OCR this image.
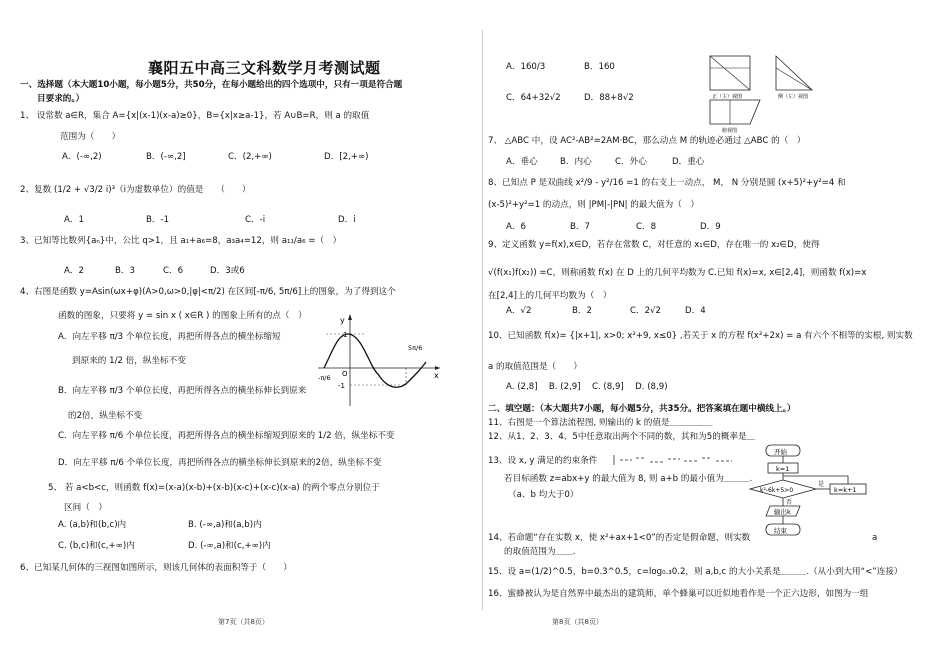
襄阳五中高三文科数学月考测试题
一、选择题（本大题10小题，每小题5分，共50分，在每小题给出的四个选项中，只有一项是符合题
目要求的。）
1、 设常数 a∈R，集合 A={x|(x-1)(x-a)≥0}，B={x|x≥a-1}，若 A∪B=R，则 a 的取值
范围为（　　）
A．(-∞,2)	B．(-∞,2]	C．(2,+∞)	D．[2,+∞)
2、复数 (1/2 + √3/2 i)³（i为虚数单位）的值是　　（　　）
A．1	B．-1	C．-i	D．i
3、已知等比数列{aₙ}中，公比 q>1，且 a₁+a₆=8，a₃a₄=12，则 a₁₁/a₆ =（　）
A．2	B．3	C．6	D．3或6
4、右图是函数 y=Asin(ωx+φ)(A>0,ω>0,|φ|<π/2) 在区间[-π/6, 5π/6]上的图象，为了得到这个
函数的图象，只要将 y = sin x ( x∈R ) 的图象上所有的点（　）
A．向左平移 π/3 个单位长度，再把所得各点的横坐标缩短
到原来的 1/2 倍，纵坐标不变
B．向左平移 π/3 个单位长度，再把所得各点的横坐标伸长到原来
的2倍，纵坐标不变
C．向左平移 π/6 个单位长度，再把所得各点的横坐标缩短到原来的 1/2 倍，纵坐标不变
D．向左平移 π/6 个单位长度，再把所得各点的横坐标伸长到原来的2倍，纵坐标不变
y
x
O
1
-1
-π/6
5π/6
5、 若 a<b<c，则函数 f(x)=(x-a)(x-b)+(x-b)(x-c)+(x-c)(x-a) 的两个零点分别位于
区间（　）
A. (a,b)和(b,c)内	B. (-∞,a)和(a,b)内
C. (b,c)和(c,+∞)内	D. (-∞,a)和(c,+∞)内
6、已知某几何体的三视图如图所示，则该几何体的表面积等于（　　）
第7页（共8页）
A．160/3	B．160
C．64+32√2	D．88+8√2	正（主）视图	侧（左）视图
俯视图
7、 △ABC 中，设 AC²-AB²=2AM·BC，那么动点 M 的轨迹必通过 △ABC 的（　）
A．垂心	B．内心	C．外心	D．重心
8、已知点 P 是双曲线 x²/9 - y²/16 =1 的右支上一动点， M， N 分别是圆 (x+5)²+y²=4 和
(x-5)²+y²=1 的动点，则 |PM|-|PN| 的最大值为（　）
A．6	B．7	C．8	D．9
9、定义函数 y=f(x),x∈D，若存在常数 C，对任意的 x₁∈D，存在唯一的 x₂∈D，使得
√(f(x₁)f(x₂)) =C，则称函数 f(x) 在 D 上的几何平均数为 C.已知 f(x)=x, x∈[2,4]，则函数 f(x)=x
在[2,4]上的几何平均数为（　）
A．√2	B．2	C．2√2	D．4
10、已知函数 f(x)= {|x+1|, x>0; x²+9, x≤0} ,若关于 x 的方程 f(x²+2x) = a 有六个不相等的实根, 则实数
a 的取值范围是（　　）
A. (2,8]　 B. (2,9]　 C. (8,9]　 D. (8,9)
二、填空题：（本大题共7小题，每小题5分，共35分。把答案填在题中横线上。）
11、右图是一个算法流程图, 则输出的 k 的值是＿＿＿＿＿
12、从1、2、3、4、5中任意取出两个不同的数，其和为5的概率是＿
13、设 x, y 满足的约束条件
若目标函数 z=abx+y 的最大值为 8, 则 a+b 的最小值为＿＿＿.
（a、b 均大于0）
开始
k=1
k²-6k+5>0
是
k=k+1
否
输出k
结束
14、若命题“存在实数 x，使 x²+ax+1<0”的否定是假命题，则实数	a
的取值范围为＿＿.
15、设 a=(1/2)^0.5，b=0.3^0.5，c=log₀.₃0.2，则 a,b,c 的大小关系是＿＿＿.（从小到大用“<”连接）
16、蜜蜂被认为是自然界中最杰出的建筑师，单个蜂巢可以近似地看作是一个正六边形，如图为一组
第8页（共8页）
